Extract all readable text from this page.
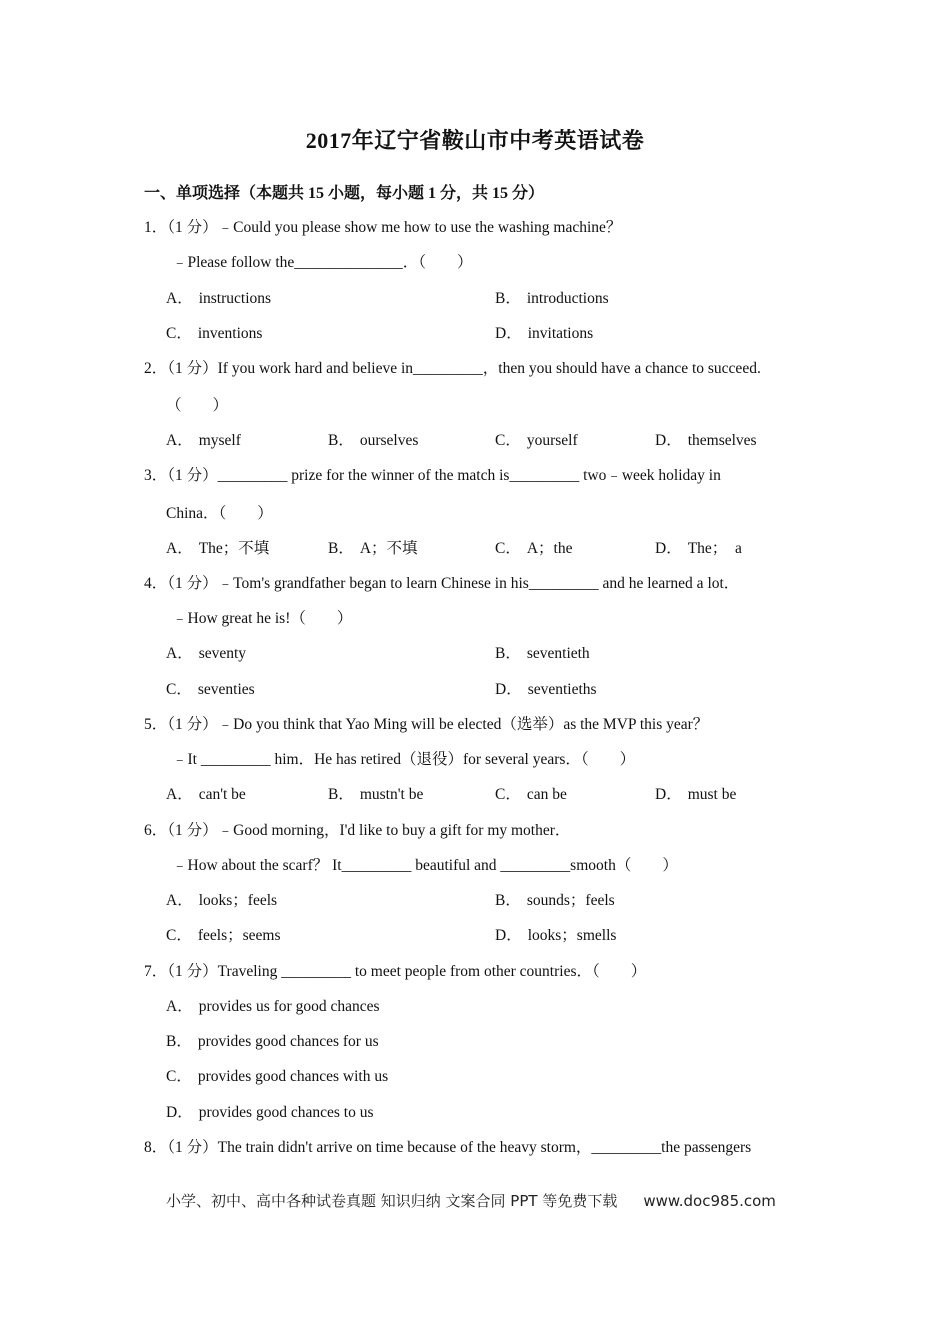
2017年辽宁省鞍山市中考英语试卷
一、单项选择（本题共 15 小题，每小题 1 分，共 15 分）
1．（1 分）﹣Could you please show me how to use the washing machine？
﹣Please follow the______________．（　　）
A． instructions	B． introductions
C． inventions	D． invitations
2．（1 分）If you work hard and believe in_________，then you should have a chance to succeed.
（　　）
A． myself	B． ourselves	C． yourself	D． themselves
3．（1 分）_________ prize for the winner of the match is_________ two﹣week holiday in
China．（　　）
A． The；不填	B． A；不填	C． A；the	D． The；　a
4．（1 分）﹣Tom's grandfather began to learn Chinese in his_________ and he learned a lot．
﹣How great he is!（　　）
A． seventy	B． seventieth
C． seventies	D． seventieths
5．（1 分）﹣Do you think that Yao Ming will be elected（选举）as the MVP this year？
﹣It _________ him．He has retired（退役）for several years．（　　）
A． can't be	B． mustn't be	C． can be	D． must be
6．（1 分）﹣Good morning，I'd like to buy a gift for my mother．
﹣How about the scarf？ It_________ beautiful and _________smooth（　　）
A． looks；feels	B． sounds；feels
C． feels；seems	D． looks；smells
7．（1 分）Traveling _________ to meet people from other countries．（　　）
A． provides us for good chances
B． provides good chances for us
C． provides good chances with us
D． provides good chances to us
8．（1 分）The train didn't arrive on time because of the heavy storm，_________the passengers
小学、初中、高中各种试卷真题 知识归纳 文案合同 PPT 等免费下载 www.doc985.com
